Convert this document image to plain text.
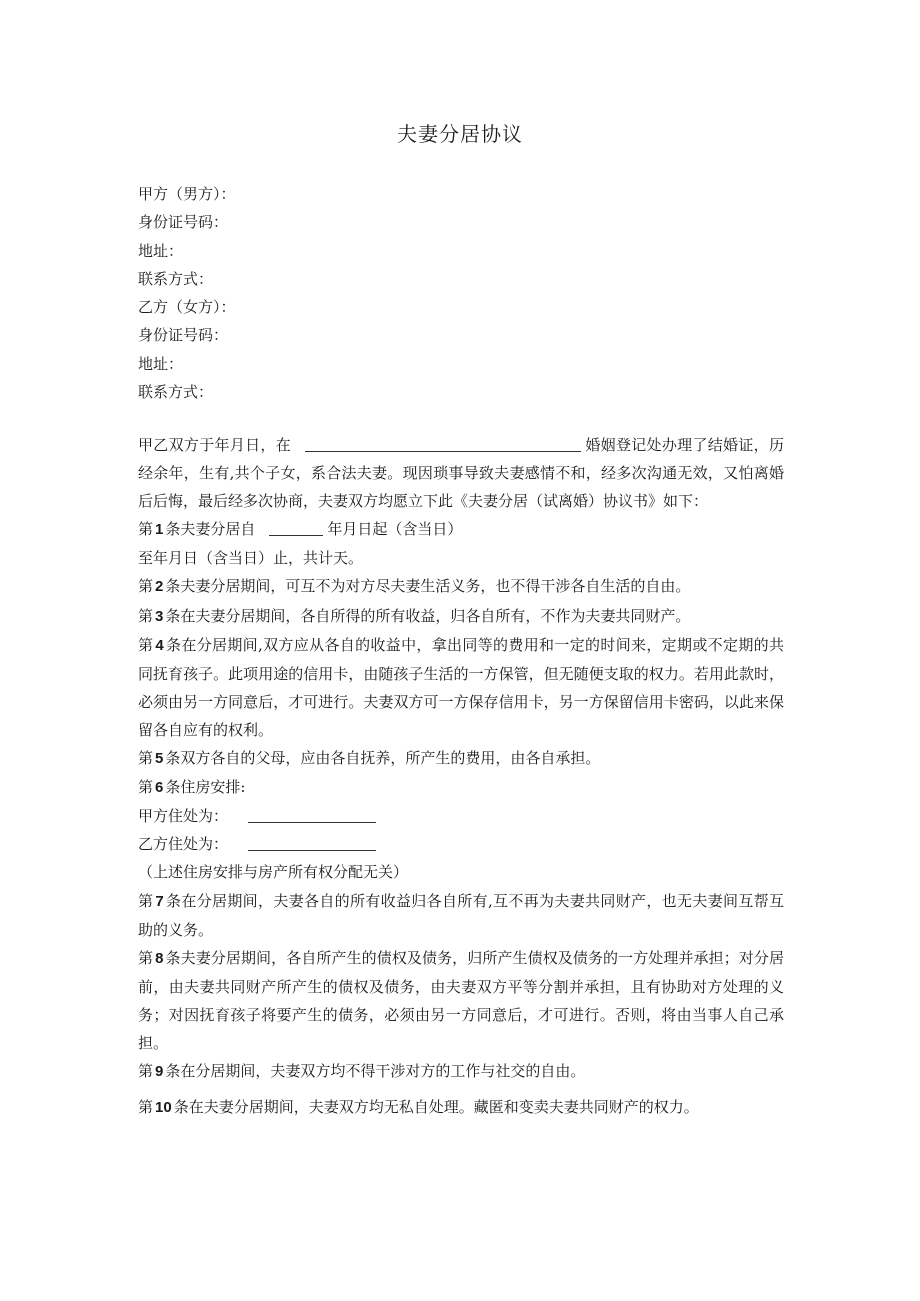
夫妻分居协议
甲方（男方）：
身份证号码：
地址：
联系方式：
乙方（女方）：
身份证号码：
地址：
联系方式：

甲乙双方于年月日，在	婚姻登记处办理了结婚证，历经余年，生有,共个子女，系合法夫妻。现因琐事导致夫妻感情不和，经多次沟通无效，又怕离婚后后悔，最后经多次协商，夫妻双方均愿立下此《夫妻分居（试离婚）协议书》如下：

第 1 条夫妻分居自	年月日起（含当日）

至年月日（含当日）止，共计天。

第 2 条夫妻分居期间，可互不为对方尽夫妻生活义务，也不得干涉各自生活的自由。

第 3 条在夫妻分居期间，各自所得的所有收益，归各自所有，不作为夫妻共同财产。

第 4 条在分居期间,双方应从各自的收益中，拿出同等的费用和一定的时间来，定期或不定期的共同抚育孩子。此项用途的信用卡，由随孩子生活的一方保管，但无随便支取的权力。若用此款时，必须由另一方同意后，才可进行。夫妻双方可一方保存信用卡，另一方保留信用卡密码，以此来保留各自应有的权利。

第 5 条双方各自的父母，应由各自抚养，所产生的费用，由各自承担。

第 6 条住房安排:

甲方住处为：

乙方住处为：

（上述住房安排与房产所有权分配无关）

第 7 条在分居期间，夫妻各自的所有收益归各自所有,互不再为夫妻共同财产，也无夫妻间互帮互助的义务。

第 8 条夫妻分居期间，各自所产生的债权及债务，归所产生债权及债务的一方处理并承担；对分居前，由夫妻共同财产所产生的债权及债务，由夫妻双方平等分割并承担，且有协助对方处理的义务；对因抚育孩子将要产生的债务，必须由另一方同意后，才可进行。否则，将由当事人自己承担。

第 9 条在分居期间，夫妻双方均不得干涉对方的工作与社交的自由。

第 10 条在夫妻分居期间，夫妻双方均无私自处理。藏匿和变卖夫妻共同财产的权力。
